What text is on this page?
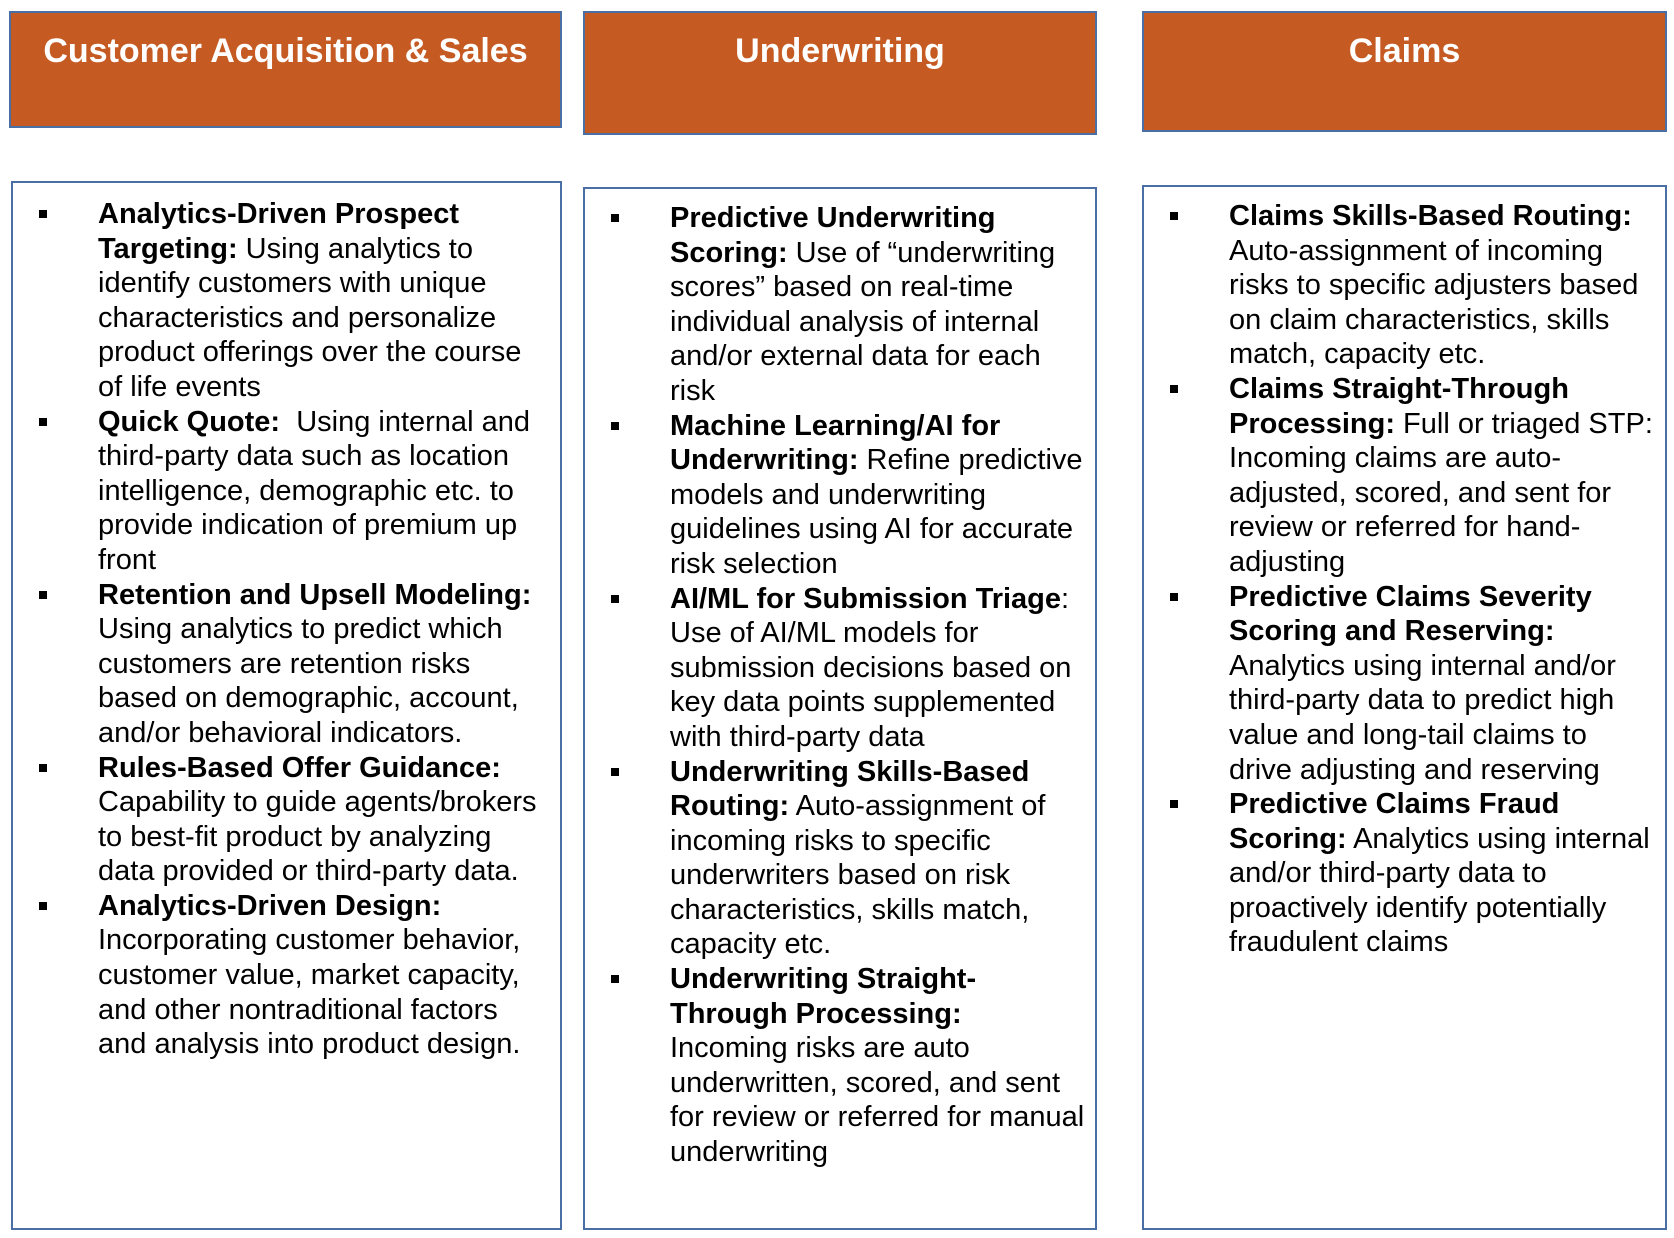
Customer Acquisition & Sales
Analytics-Driven Prospect Targeting: Using analytics to identify customers with unique characteristics and personalize product offerings over the course of life events
Quick Quote:  Using internal and third-party data such as location intelligence, demographic etc. to provide indication of premium up front
Retention and Upsell Modeling: Using analytics to predict which customers are retention risks based on demographic, account, and/or behavioral indicators.
Rules-Based Offer Guidance: Capability to guide agents/brokers to best-fit product by analyzing data provided or third-party data.
Analytics-Driven Design: Incorporating customer behavior, customer value, market capacity, and other nontraditional factors and analysis into product design.
Underwriting
Predictive Underwriting Scoring: Use of “underwriting scores” based on real-time individual analysis of internal and/or external data for each risk
Machine Learning/AI for Underwriting: Refine predictive models and underwriting guidelines using AI for accurate risk selection
AI/ML for Submission Triage: Use of AI/ML models for submission decisions based on key data points supplemented with third-party data
Underwriting Skills-Based Routing: Auto-assignment of incoming risks to specific underwriters based on risk characteristics, skills match, capacity etc.
Underwriting Straight-Through Processing: Incoming risks are auto underwritten, scored, and sent for review or referred for manual underwriting
Claims
Claims Skills-Based Routing: Auto-assignment of incoming risks to specific adjusters based on claim characteristics, skills match, capacity etc.
Claims Straight-Through Processing: Full or triaged STP: Incoming claims are auto-adjusted, scored, and sent for review or referred for hand-adjusting
Predictive Claims Severity Scoring and Reserving: Analytics using internal and/or third-party data to predict high value and long-tail claims to drive adjusting and reserving
Predictive Claims Fraud Scoring: Analytics using internal and/or third-party data to proactively identify potentially fraudulent claims
